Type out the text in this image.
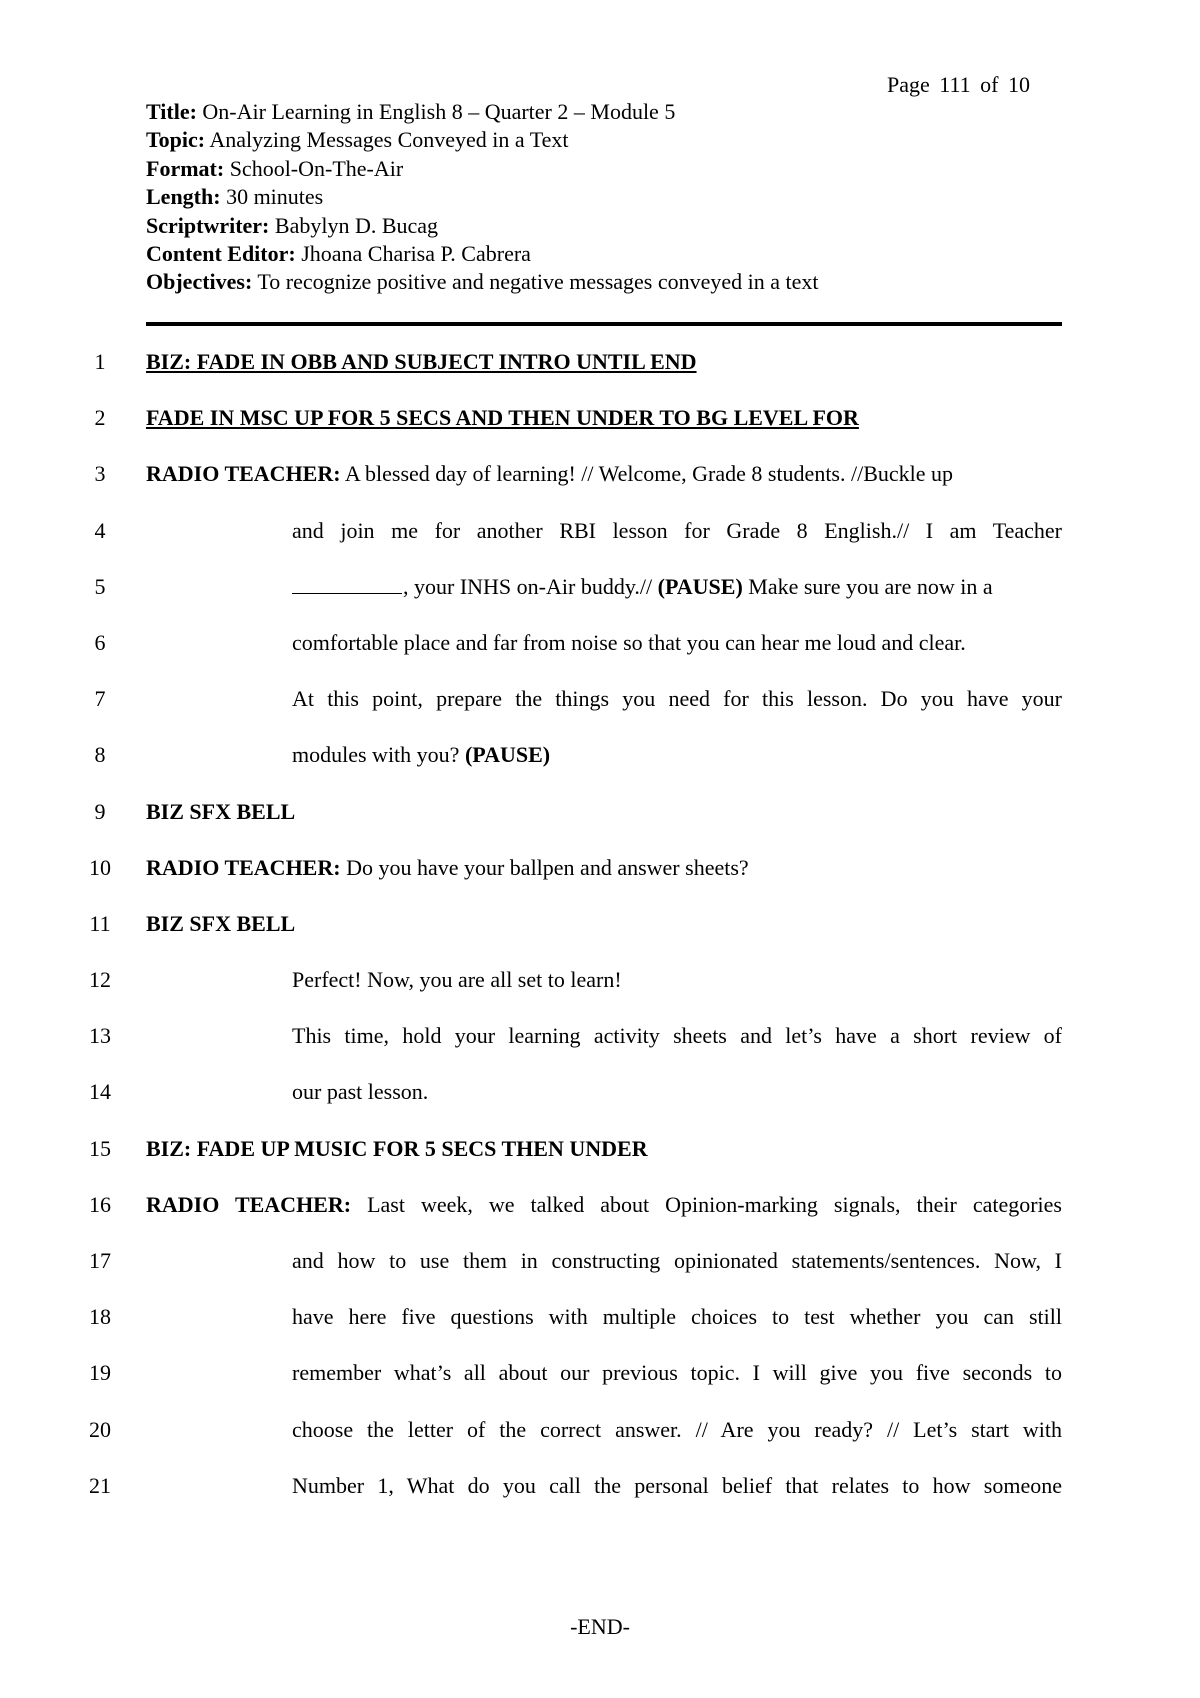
Page 111 of 10
Title: On-Air Learning in English 8 – Quarter 2 – Module 5
Topic: Analyzing Messages Conveyed in a Text
Format: School-On-The-Air
Length: 30 minutes
Scriptwriter: Babylyn D. Bucag
Content Editor: Jhoana Charisa P. Cabrera
Objectives: To recognize positive and negative messages conveyed in a text
1	BIZ: FADE IN OBB AND SUBJECT INTRO UNTIL END
2	FADE IN MSC UP FOR 5 SECS AND THEN UNDER TO BG LEVEL FOR
3	RADIO TEACHER: A blessed day of learning! // Welcome, Grade 8 students. //Buckle up
4	and join me for another RBI lesson for Grade 8 English.// I am Teacher
5	, your INHS on-Air buddy.// (PAUSE) Make sure you are now in a
6	comfortable place and far from noise so that you can hear me loud and clear.
7	At this point, prepare the things you need for this lesson. Do you have your
8	modules with you? (PAUSE)
9	BIZ SFX BELL
10 RADIO TEACHER: Do you have your ballpen and answer sheets?
11 BIZ SFX BELL
12	Perfect! Now, you are all set to learn!
13	This time, hold your learning activity sheets and let’s have a short review of
14	our past lesson.
15 BIZ: FADE UP MUSIC FOR 5 SECS THEN UNDER
16 RADIO TEACHER: Last week, we talked about Opinion-marking signals, their categories
17	and how to use them in constructing opinionated statements/sentences. Now, I
18	have here five questions with multiple choices to test whether you can still
19	remember what’s all about our previous topic. I will give you five seconds to
20	choose the letter of the correct answer. // Are you ready? // Let’s start with
21	Number 1, What do you call the personal belief that relates to how someone
-END-
